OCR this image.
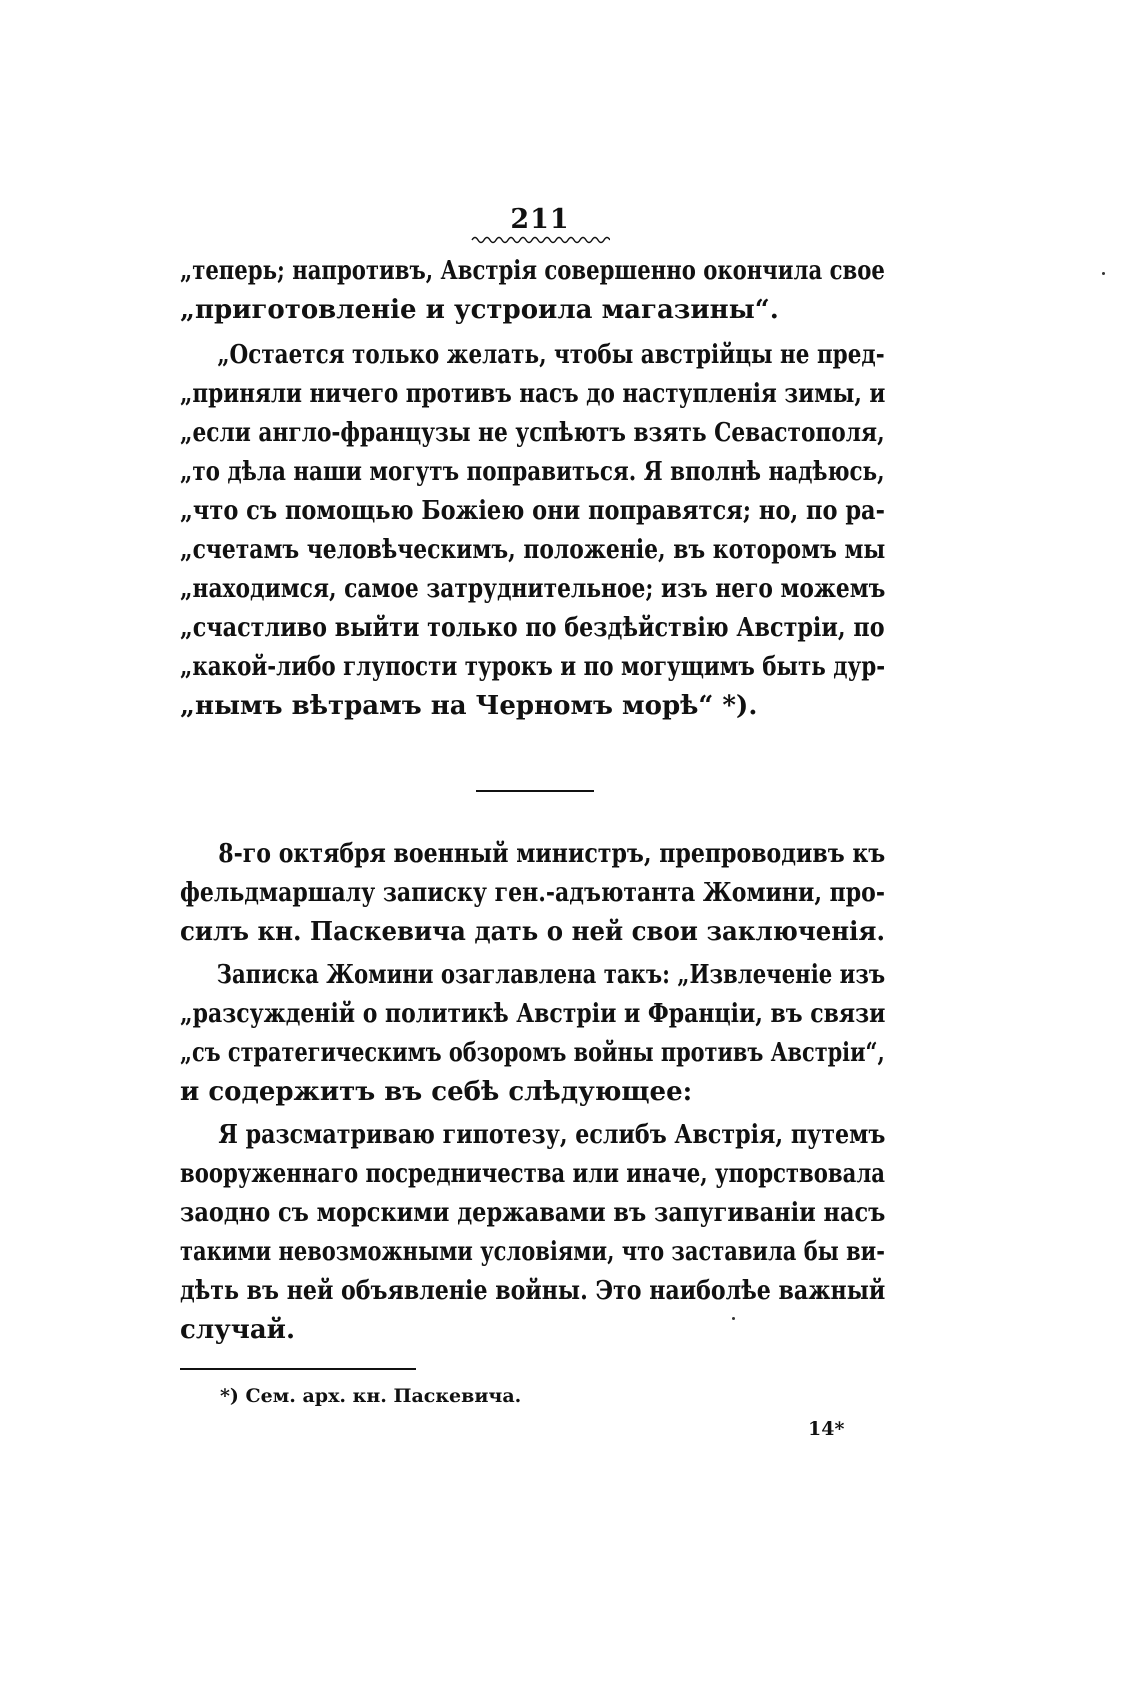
211
„теперь; напротивъ, Австрія совершенно окончила свое
„приготовленіе и устроила магазины“.
„Остается только желать, чтобы австрійцы не пред-
„приняли ничего противъ насъ до наступленія зимы, и
„если англо-французы не успѣютъ взять Севастополя,
„то дѣла наши могутъ поправиться. Я вполнѣ надѣюсь,
„что съ помощью Божіею они поправятся; но, по ра-
„счетамъ человѣческимъ, положеніе, въ которомъ мы
„находимся, самое затруднительное; изъ него можемъ
„счастливо выйти только по бездѣйствію Австріи, по
„какой-либо глупости турокъ и по могущимъ быть дур-
„нымъ вѣтрамъ на Черномъ морѣ“ *).
8-го октября военный министръ, препроводивъ къ
фельдмаршалу записку ген.-адъютанта Жомини, про-
силъ кн. Паскевича дать о ней свои заключенія.
Записка Жомини озаглавлена такъ: „Извлеченіе изъ
„разсужденій о политикѣ Австріи и Франціи, въ связи
„съ стратегическимъ обзоромъ войны противъ Австріи“,
и содержитъ въ себѣ слѣдующее:
Я разсматриваю гипотезу, еслибъ Австрія, путемъ
вооруженнаго посредничества или иначе, упорствовала
заодно съ морскими державами въ запугиваніи насъ
такими невозможными условіями, что заставила бы ви-
дѣть въ ней объявленіе войны. Это наиболѣе важный
случай.
*) Сем. арх. кн. Паскевича.
14*
